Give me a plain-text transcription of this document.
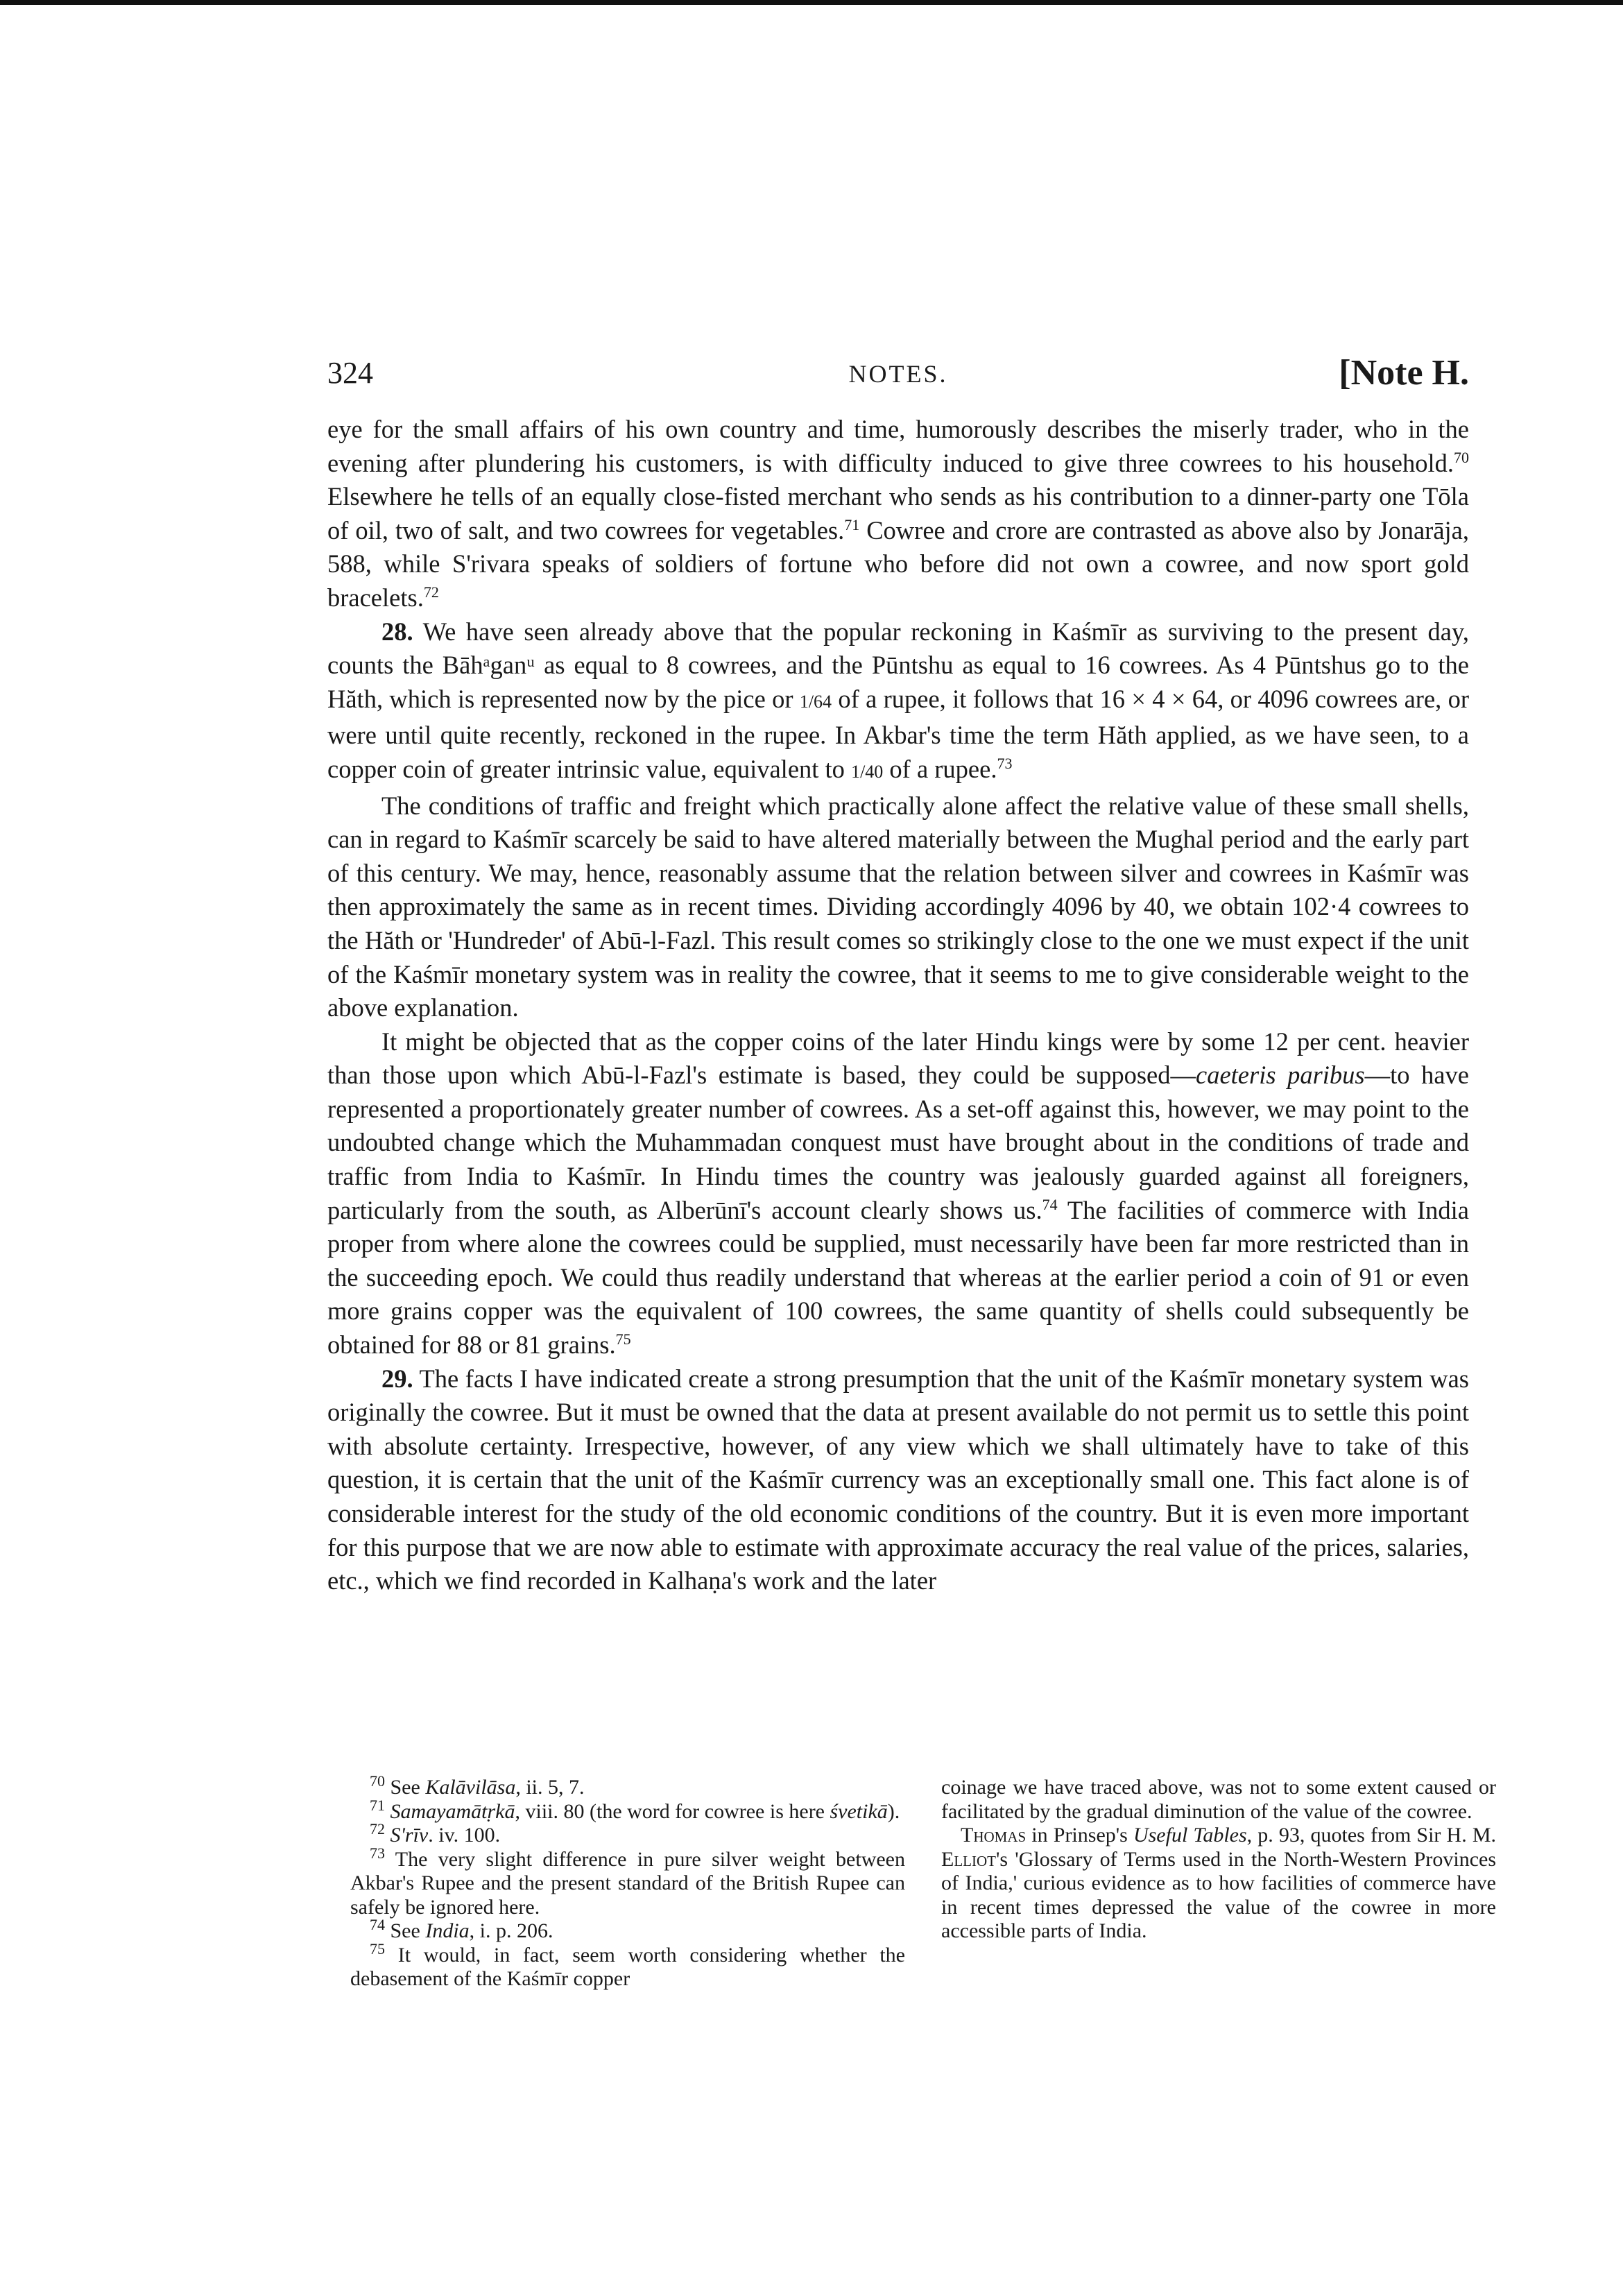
324	NOTES.	[Note H.

eye for the small affairs of his own country and time, humorously describes the miserly trader, who in the evening after plundering his customers, is with difficulty induced to give three cowrees to his household.$^{70}$ Elsewhere he tells of an equally close-fisted merchant who sends as his contribution to a dinner-party one Tōla of oil, two of salt, and two cowrees for vegetables.$^{71}$ Cowree and crore are contrasted as above also by Jonarāja, 588, while S'rivara speaks of soldiers of fortune who before did not own a cowree, and now sport gold bracelets.$^{72}$

28. We have seen already above that the popular reckoning in Kaśmīr as surviving to the present day, counts the Bāhᵃganᵘ as equal to 8 cowrees, and the Pūntshu as equal to 16 cowrees. As 4 Pūntshus go to the Hăth, which is represented now by the pice or 1/64 of a rupee, it follows that 16 × 4 × 64, or 4096 cowrees are, or were until quite recently, reckoned in the rupee. In Akbar's time the term Hăth applied, as we have seen, to a copper coin of greater intrinsic value, equivalent to 1/40 of a rupee.$^{73}$

The conditions of traffic and freight which practically alone affect the relative value of these small shells, can in regard to Kaśmīr scarcely be said to have altered materially between the Mughal period and the early part of this century. We may, hence, reasonably assume that the relation between silver and cowrees in Kaśmīr was then approximately the same as in recent times. Dividing accordingly 4096 by 40, we obtain 102·4 cowrees to the Hăth or 'Hundreder' of Abū-l-Fazl. This result comes so strikingly close to the one we must expect if the unit of the Kaśmīr monetary system was in reality the cowree, that it seems to me to give considerable weight to the above explanation.

It might be objected that as the copper coins of the later Hindu kings were by some 12 per cent. heavier than those upon which Abū-l-Fazl's estimate is based, they could be supposed—caeteris paribus—to have represented a proportionately greater number of cowrees. As a set-off against this, however, we may point to the undoubted change which the Muhammadan conquest must have brought about in the conditions of trade and traffic from India to Kaśmīr. In Hindu times the country was jealously guarded against all foreigners, particularly from the south, as Alberūnī's account clearly shows us.$^{74}$ The facilities of commerce with India proper from where alone the cowrees could be supplied, must necessarily have been far more restricted than in the succeeding epoch. We could thus readily understand that whereas at the earlier period a coin of 91 or even more grains copper was the equivalent of 100 cowrees, the same quantity of shells could subsequently be obtained for 88 or 81 grains.$^{75}$

29. The facts I have indicated create a strong presumption that the unit of the Kaśmīr monetary system was originally the cowree. But it must be owned that the data at present available do not permit us to settle this point with absolute certainty. Irrespective, however, of any view which we shall ultimately have to take of this question, it is certain that the unit of the Kaśmīr currency was an exceptionally small one. This fact alone is of considerable interest for the study of the old economic conditions of the country. But it is even more important for this purpose that we are now able to estimate with approximate accuracy the real value of the prices, salaries, etc., which we find recorded in Kalhaṇa's work and the later

$^{70}$ See Kalāvilāsa, ii. 5, 7.

$^{71}$ Samayamātṛkā, viii. 80 (the word for cowree is here śvetikā).

$^{72}$ S'rīv. iv. 100.

$^{73}$ The very slight difference in pure silver weight between Akbar's Rupee and the present standard of the British Rupee can safely be ignored here.

$^{74}$ See India, i. p. 206.

$^{75}$ It would, in fact, seem worth considering whether the debasement of the Kaśmīr copper

coinage we have traced above, was not to some extent caused or facilitated by the gradual diminution of the value of the cowree.

Thomas in Prinsep's Useful Tables, p. 93, quotes from Sir H. M. Elliot's 'Glossary of Terms used in the North-Western Provinces of India,' curious evidence as to how facilities of commerce have in recent times depressed the value of the cowree in more accessible parts of India.
